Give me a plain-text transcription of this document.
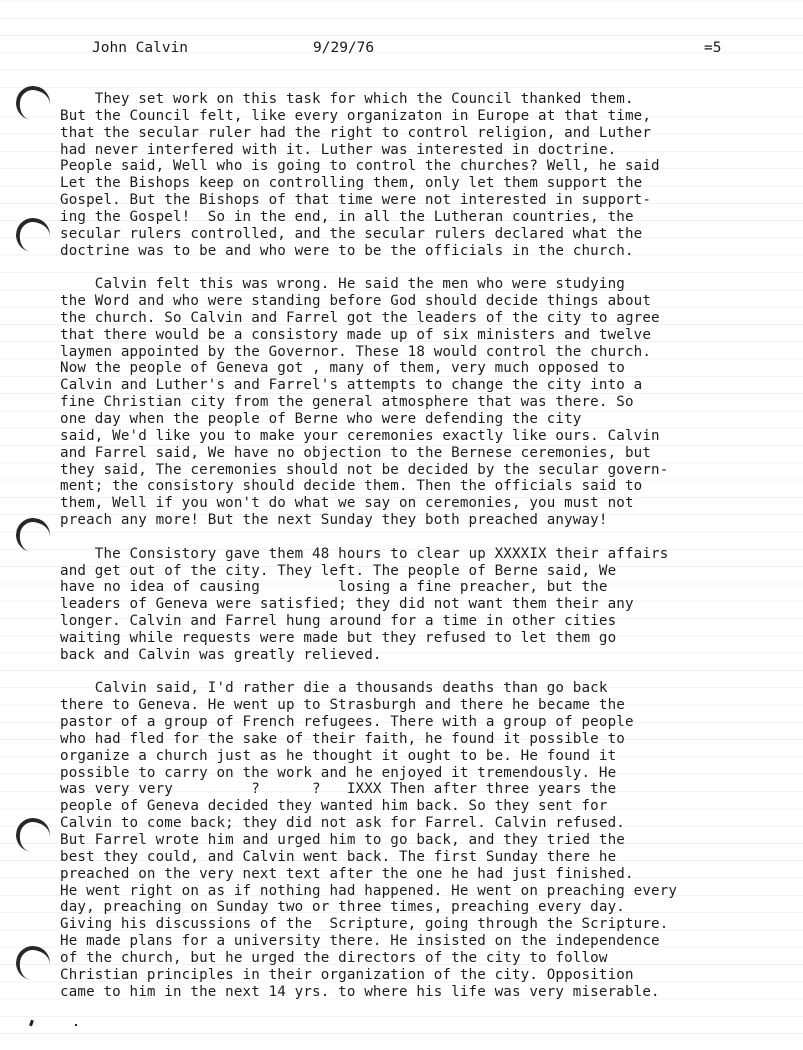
John Calvin	9/29/76	=5
They set work on this task for which the Council thanked them.
But the Council felt, like every organizaton in Europe at that time,
that the secular ruler had the right to control religion, and Luther
had never interfered with it. Luther was interested in doctrine.
People said, Well who is going to control the churches? Well, he said
Let the Bishops keep on controlling them, only let them support the
Gospel. But the Bishops of that time were not interested in support-
ing the Gospel!  So in the end, in all the Lutheran countries, the
secular rulers controlled, and the secular rulers declared what the
doctrine was to be and who were to be the officials in the church.
Calvin felt this was wrong. He said the men who were studying
the Word and who were standing before God should decide things about
the church. So Calvin and Farrel got the leaders of the city to agree
that there would be a consistory made up of six ministers and twelve
laymen appointed by the Governor. These 18 would control the church.
Now the people of Geneva got , many of them, very much opposed to
Calvin and Luther's and Farrel's attempts to change the city into a
fine Christian city from the general atmosphere that was there. So
one day when the people of Berne who were defending the city
said, We'd like you to make your ceremonies exactly like ours. Calvin
and Farrel said, We have no objection to the Bernese ceremonies, but
they said, The ceremonies should not be decided by the secular govern-
ment; the consistory should decide them. Then the officials said to
them, Well if you won't do what we say on ceremonies, you must not
preach any more! But the next Sunday they both preached anyway!
The Consistory gave them 48 hours to clear up XXXXIX their affairs
and get out of the city. They left. The people of Berne said, We
have no idea of causing         losing a fine preacher, but the
leaders of Geneva were satisfied; they did not want them their any
longer. Calvin and Farrel hung around for a time in other cities
waiting while requests were made but they refused to let them go
back and Calvin was greatly relieved.
Calvin said, I'd rather die a thousands deaths than go back
there to Geneva. He went up to Strasburgh and there he became the
pastor of a group of French refugees. There with a group of people
who had fled for the sake of their faith, he found it possible to
organize a church just as he thought it ought to be. He found it
possible to carry on the work and he enjoyed it tremendously. He
was very very         ?      ?   IXXX Then after three years the
people of Geneva decided they wanted him back. So they sent for
Calvin to come back; they did not ask for Farrel. Calvin refused.
But Farrel wrote him and urged him to go back, and they tried the
best they could, and Calvin went back. The first Sunday there he
preached on the very next text after the one he had just finished.
He went right on as if nothing had happened. He went on preaching every
day, preaching on Sunday two or three times, preaching every day.
Giving his discussions of the  Scripture, going through the Scripture.
He made plans for a university there. He insisted on the independence
of the church, but he urged the directors of the city to follow
Christian principles in their organization of the city. Opposition
came to him in the next 14 yrs. to where his life was very miserable.
